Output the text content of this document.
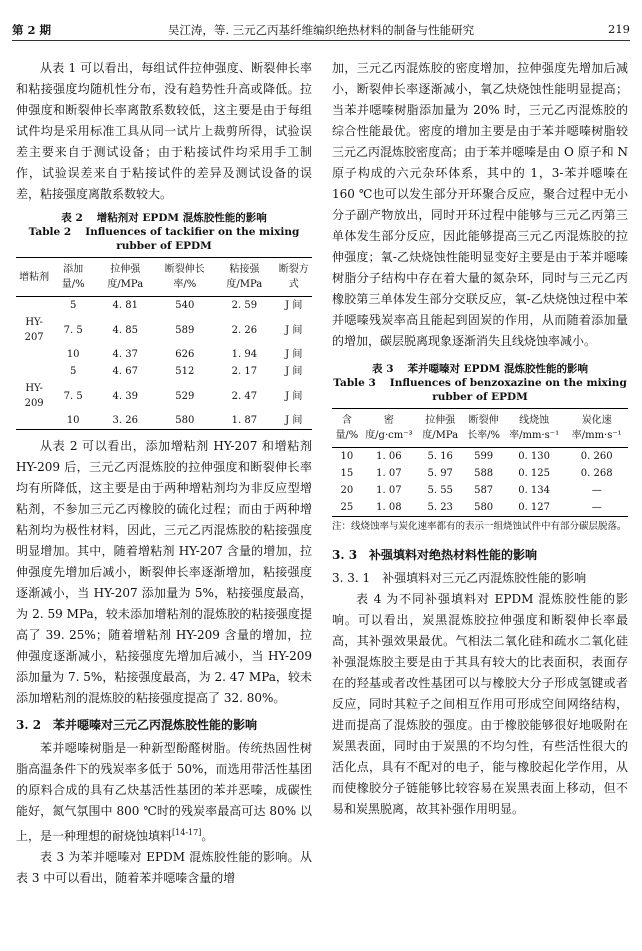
第 2 期	吴江涛，等. 三元乙丙基纤维编织绝热材料的制备与性能研究	219

从表 1 可以看出，每组试件拉伸强度、断裂伸长率和粘接强度均随机性分布，没有趋势性升高或降低。拉伸强度和断裂伸长率离散系数较低，这主要是由于每组试件均是采用标准工具从同一试片上裁剪所得，试验误差主要来自于测试设备；由于粘接试件均采用手工制作，试验误差来自于粘接试件的差异及测试设备的误差，粘接强度离散系数较大。

表 2 增粘剂对 EPDM 混炼胶性能的影响
Table 2 Influences of tackifier on the mixing rubber of EPDM
增粘剂	添加量/%	拉伸强度/MPa	断裂伸长率/%	粘接强度/MPa	断裂方式
	5	4. 81	540	2. 59	J 间
HY-207	7. 5	4. 85	589	2. 26	J 间
	10	4. 37	626	1. 94	J 间
	5	4. 67	512	2. 17	J 间
HY-209	7. 5	4. 39	529	2. 47	J 间
	10	3. 26	580	1. 87	J 间

从表 2 可以看出，添加增粘剂 HY-207 和增粘剂 HY-209 后，三元乙丙混炼胶的拉伸强度和断裂伸长率均有所降低，这主要是由于两种增粘剂均为非反应型增粘剂，不参加三元乙丙橡胶的硫化过程；而由于两种增粘剂均为极性材料，因此，三元乙丙混炼胶的粘接强度明显增加。其中，随着增粘剂 HY-207 含量的增加，拉伸强度先增加后减小，断裂伸长率逐渐增加，粘接强度逐渐减小，当 HY-207 添加量为 5%，粘接强度最高，为 2. 59 MPa，较未添加增粘剂的混炼胶的粘接强度提高了 39. 25%；随着增粘剂 HY-209 含量的增加，拉伸强度逐渐减小，粘接强度先增加后减小，当 HY-209 添加量为 7. 5%，粘接强度最高，为 2. 47 MPa，较未添加增粘剂的混炼胶的粘接强度提高了 32. 80%。

3. 2　苯并噁嗪对三元乙丙混炼胶性能的影响

苯并噁嗪树脂是一种新型酚醛树脂。传统热固性树脂高温条件下的残炭率多低于 50%，而选用带活性基团的原料合成的具有乙炔基活性基团的苯并恶嗪，成碳性能好，氮气氛围中 800 ℃时的残炭率最高可达 80% 以上，是一种理想的耐烧蚀填料[14-17]。

表 3 为苯并噁嗪对 EPDM 混炼胶性能的影响。从表 3 中可以看出，随着苯并噁嗪含量的增

加，三元乙丙混炼胶的密度增加，拉伸强度先增加后减小，断裂伸长率逐渐减小，氧乙炔烧蚀性能明显提高；当苯并噁嗪树脂添加量为 20% 时，三元乙丙混炼胶的综合性能最优。密度的增加主要是由于苯并噁嗪树脂较三元乙丙混炼胶密度高；由于苯并噁嗪是由 O 原子和 N 原子构成的六元杂环体系，其中的 1，3-苯并噁嗪在 160 ℃也可以发生部分开环聚合反应，聚合过程中无小分子副产物放出，同时开环过程中能够与三元乙丙第三单体发生部分反应，因此能够提高三元乙丙混炼胶的拉伸强度；氧-乙炔烧蚀性能明显变好主要是由于苯并噁嗪树脂分子结构中存在着大量的氮杂环，同时与三元乙丙橡胶第三单体发生部分交联反应，氧-乙炔烧蚀过程中苯并噁嗪残炭率高且能起到固炭的作用，从而随着添加量的增加，碳层脱离现象逐渐消失且线烧蚀率减小。

表 3 苯并噁嗪对 EPDM 混炼胶性能的影响
Table 3 Influences of benzoxazine on the mixing rubber of EPDM
含量/%	密度/g·cm⁻³	拉伸强度/MPa	断裂伸长率/%	线烧蚀率/mm·s⁻¹	炭化速率/mm·s⁻¹
10	1. 06	5. 16	599	0. 130	0. 260
15	1. 07	5. 97	588	0. 125	0. 268
20	1. 07	5. 55	587	0. 134	—
25	1. 08	5. 23	580	0. 127	—

注：线烧蚀率与炭化速率都有的表示一组烧蚀试件中有部分碳层脱落。

3. 3　补强填料对绝热材料性能的影响

3. 3. 1　补强填料对三元乙丙混炼胶性能的影响

表 4 为不同补强填料对 EPDM 混炼胶性能的影响。可以看出，炭黑混炼胶拉伸强度和断裂伸长率最高，其补强效果最优。气相法二氧化硅和疏水二氧化硅补强混炼胶主要是由于其具有较大的比表面积，表面存在的羟基或者改性基团可以与橡胶大分子形成氢键或者反应，同时其粒子之间相互作用可形成空间网络结构，进而提高了混炼胶的强度。由于橡胶能够很好地吸附在炭黑表面，同时由于炭黑的不均匀性，有些活性很大的活化点，具有不配对的电子，能与橡胶起化学作用，从而使橡胶分子链能够比较容易在炭黑表面上移动，但不易和炭黑脱离，故其补强作用明显。
